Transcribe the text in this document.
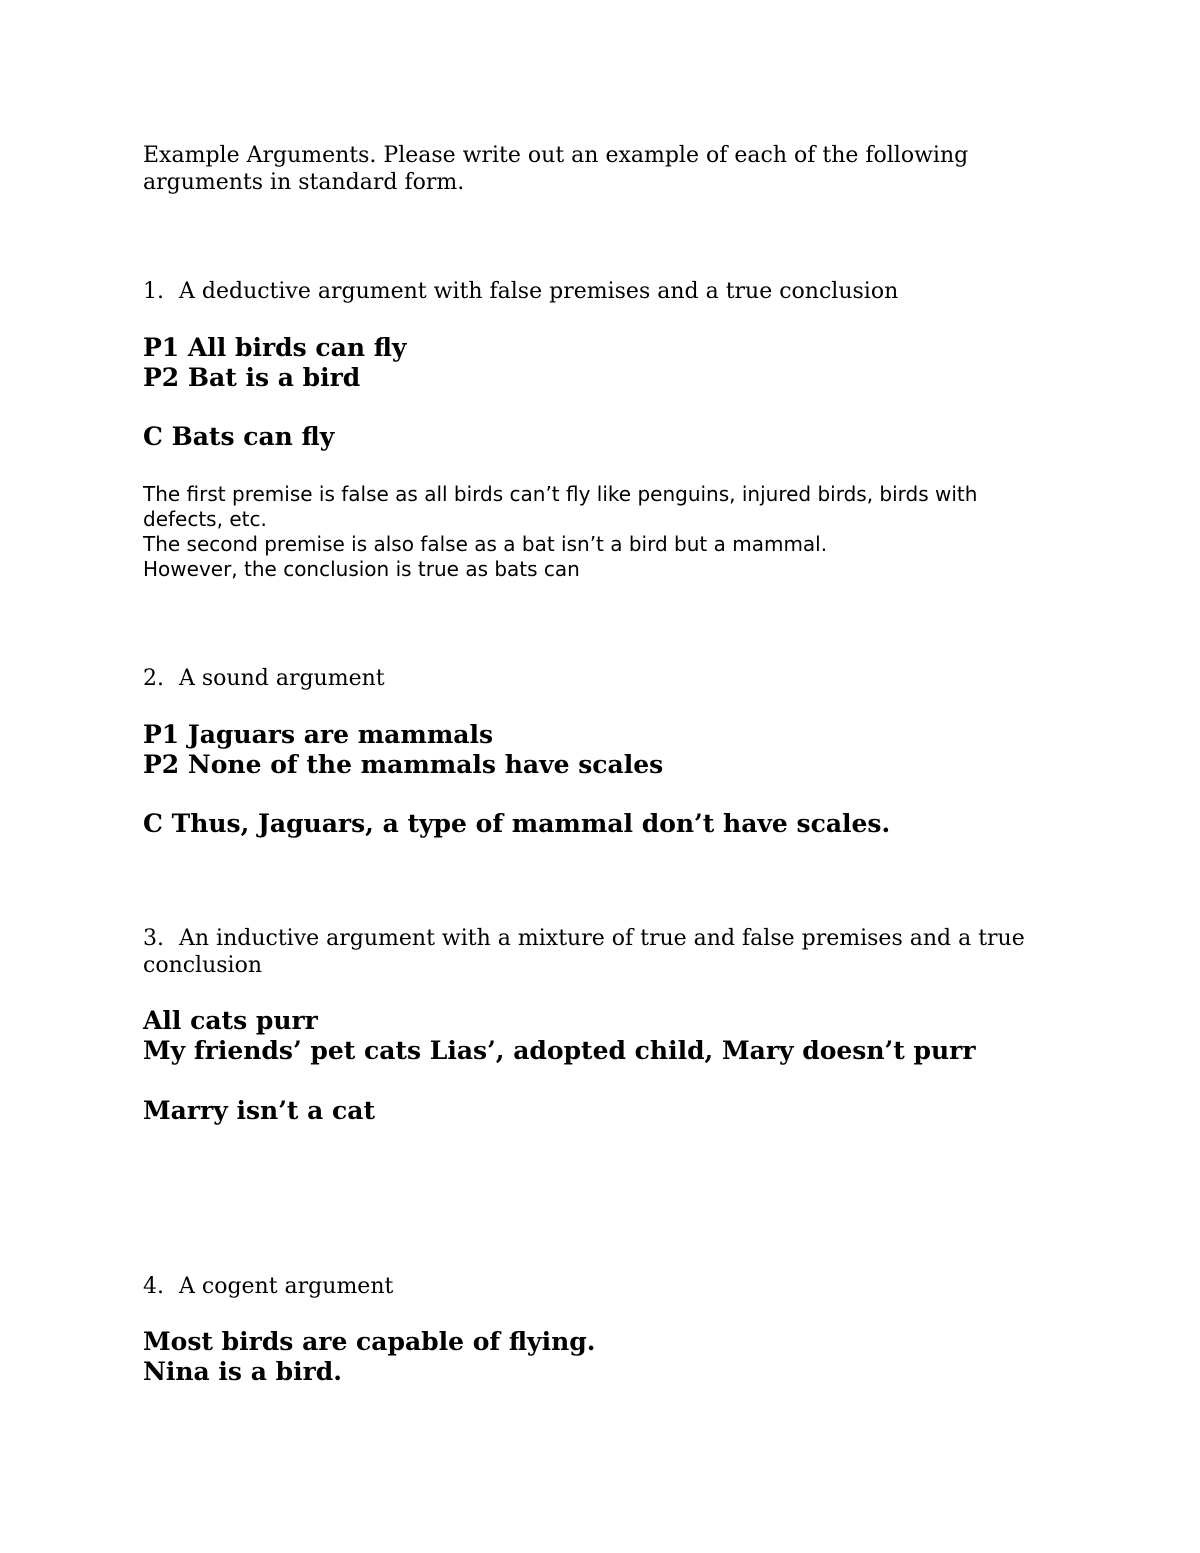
Example Arguments. Please write out an example of each of the following arguments in standard form.

1. A deductive argument with false premises and a true conclusion

P1 All birds can fly
P2 Bat is a bird

C Bats can fly

The first premise is false as all birds can’t fly like penguins, injured birds, birds with defects, etc.
The second premise is also false as a bat isn’t a bird but a mammal.
However, the conclusion is true as bats can

2. A sound argument

P1 Jaguars are mammals
P2 None of the mammals have scales

C Thus, Jaguars, a type of mammal don’t have scales.

3. An inductive argument with a mixture of true and false premises and a true conclusion

All cats purr
My friends’ pet cats Lias’, adopted child, Mary doesn’t purr

Marry isn’t a cat

4. A cogent argument

Most birds are capable of flying.
Nina is a bird.
